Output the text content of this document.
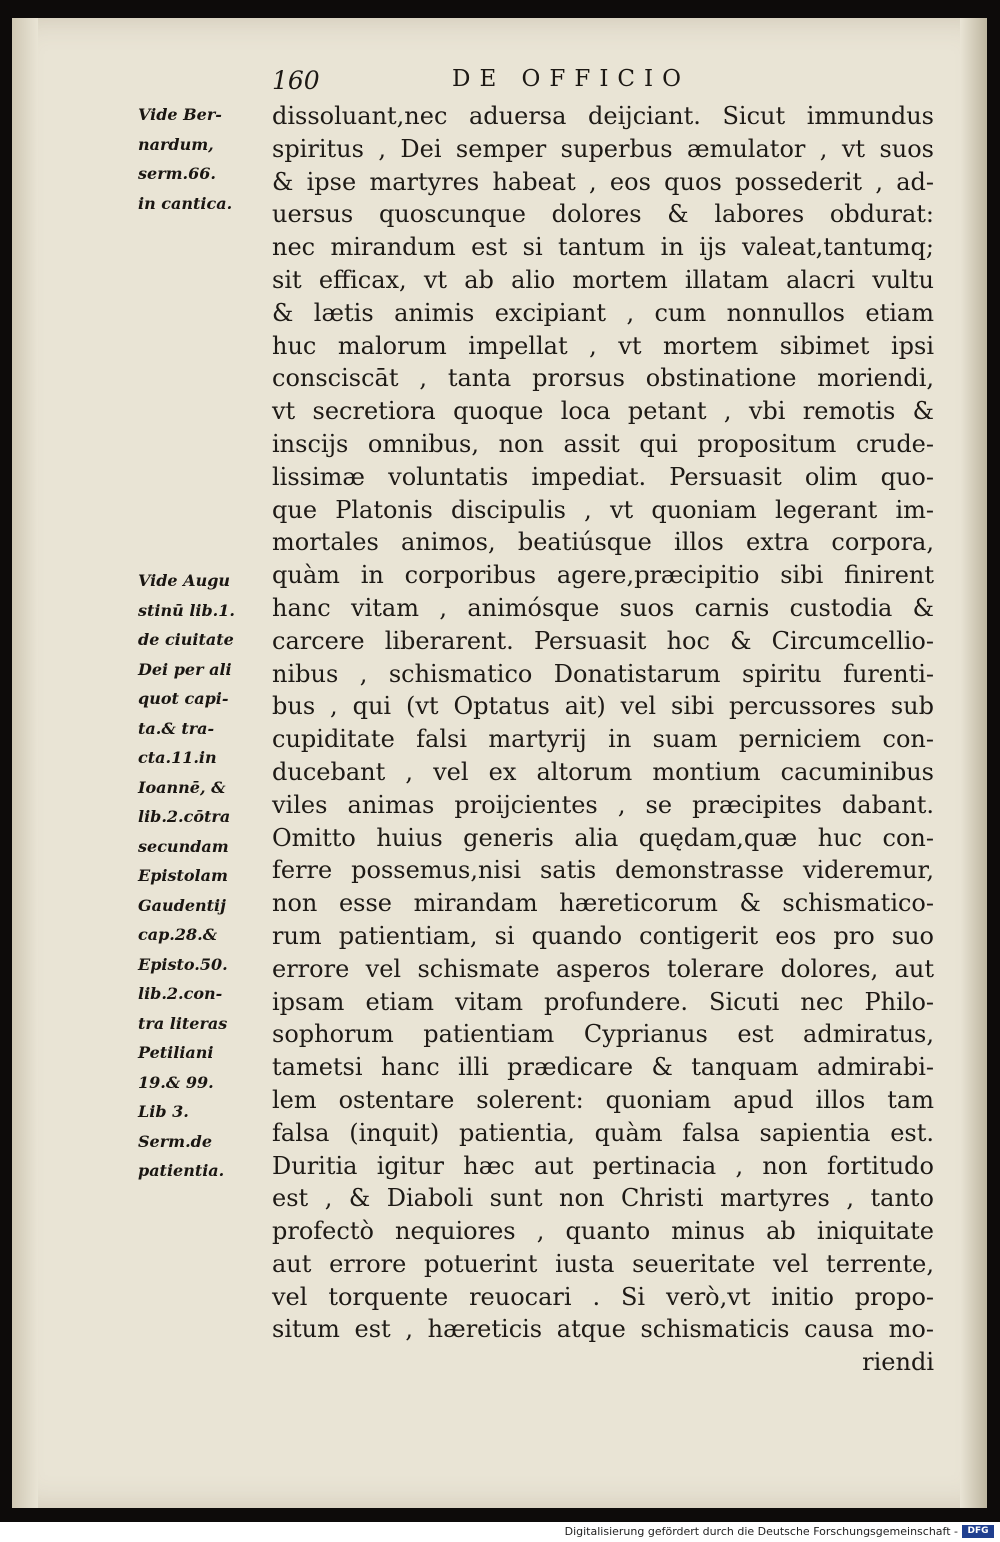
160	DE OFFICIO
Vide Ber-
nardum,
serm.66.
in cantica.
Vide Augu
stinū lib.1.
de ciuitate
Dei per ali
quot capi-
ta.& tra-
cta.11.in
Ioannē, &
lib.2.cōtra
secundam
Epistolam
Gaudentij
cap.28.&
Episto.50.
lib.2.con-
tra literas
Petiliani
19.& 99.
Lib 3.
Serm.de
patientia.
dissoluant,nec aduersa deijciant. Sicut immundus
spiritus , Dei semper superbus æmulator , vt suos
& ipse martyres habeat , eos quos possederit , ad-
uersus quoscunque dolores & labores obdurat:
nec mirandum est si tantum in ijs valeat,tantumq;
sit efficax, vt ab alio mortem illatam alacri vultu
& lætis animis excipiant , cum nonnullos etiam
huc malorum impellat , vt mortem sibimet ipsi
consciscāt , tanta prorsus obstinatione moriendi,
vt secretiora quoque loca petant , vbi remotis &
inscijs omnibus, non assit qui propositum crude-
lissimæ voluntatis impediat. Persuasit olim quo-
que Platonis discipulis , vt quoniam legerant im-
mortales animos, beatiúsque illos extra corpora,
quàm in corporibus agere,præcipitio sibi finirent
hanc vitam , animósque suos carnis custodia &
carcere liberarent. Persuasit hoc & Circumcellio-
nibus , schismatico Donatistarum spiritu furenti-
bus , qui (vt Optatus ait) vel sibi percussores sub
cupiditate falsi martyrij in suam perniciem con-
ducebant , vel ex altorum montium cacuminibus
viles animas proijcientes , se præcipites dabant.
Omitto huius generis alia quędam,quæ huc con-
ferre possemus,nisi satis demonstrasse videremur,
non esse mirandam hæreticorum & schismatico-
rum patientiam, si quando contigerit eos pro suo
errore vel schismate asperos tolerare dolores, aut
ipsam etiam vitam profundere. Sicuti nec Philo-
sophorum patientiam Cyprianus est admiratus,
tametsi hanc illi prædicare & tanquam admirabi-
lem ostentare solerent: quoniam apud illos tam
falsa (inquit) patientia, quàm falsa sapientia est.
Duritia igitur hæc aut pertinacia , non fortitudo
est , & Diaboli sunt non Christi martyres , tanto
profectò nequiores , quanto minus ab iniquitate
aut errore potuerint iusta seueritate vel terrente,
vel torquente reuocari . Si verò,vt initio propo-
situm est , hæreticis atque schismaticis causa mo-
riendi
Digitalisierung gefördert durch die Deutsche Forschungsgemeinschaft -	DFG
